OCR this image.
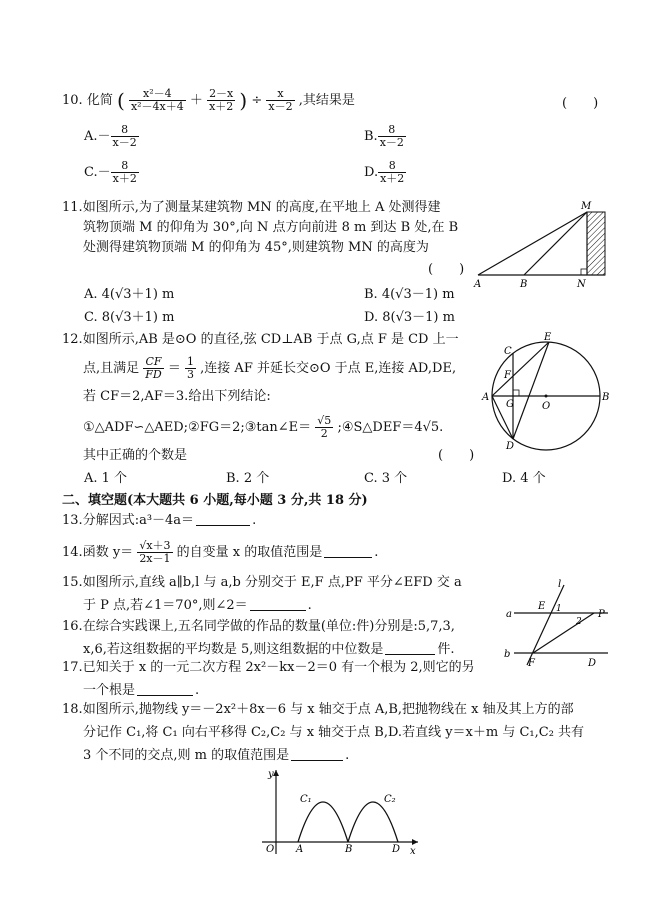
10. 化简 ( $\frac{\text{x²－4}}{\text{x²－4x＋4}} + \frac{2-x}{x+2}$ ) ÷ $\frac{x}{x-2}$ ,其结果是	(　　)
$A.- \frac{8}{x-2}$	B. $\frac{8}{x-2}$
$C.- \frac{8}{x+2}$	D. $\frac{8}{x+2}$
11.如图所示,为了测量某建筑物 MN 的高度,在平地上 A 处测得建
筑物顶端 M 的仰角为 30°,向 N 点方向前进 8 m 到达 B 处,在 B
处测得建筑物顶端 M 的仰角为 45°,则建筑物 MN 的高度为
(　　)
M
A	B	N
A. 4(√3＋1) m	B. 4(√3－1) m
C. 8(√3＋1) m	D. 8(√3－1) m
12.如图所示,AB 是⊙O 的直径,弦 CD⊥AB 于点 G,点 F 是 CD 上一
点,且满足 $\frac{CF}{FD} = \frac{1}{3}$ ,连接 AF 并延长交⊙O 于点 E,连接 AD,DE,
若 CF＝2,AF＝3.给出下列结论:
①△ADF∽△AED;②FG＝2;③tan∠E＝ $\frac{√5}{2}$ ;④S△DEF＝4√5.
其中正确的个数是	(　　)
C
E
F
A
G	O
B
D
A. 1 个	B. 2 个	C. 3 个	D. 4 个
二、填空题(本大题共 6 小题,每小题 3 分,共 18 分)
13.分解因式:a³－4a＝	.
14.函数 $y= \frac{√x+3}{2x-1}$ 的自变量 x 的取值范围是	.
15.如图所示,直线 a∥b,l 与 a,b 分别交于 E,F 点,PF 平分∠EFD 交 a
于 P 点,若∠1＝70°,则∠2＝	.
l
a
E 1	P
2
b
F	D
16.在综合实践课上,五名同学做的作品的数量(单位:件)分别是:5,7,3,
x,6,若这组数据的平均数是 5,则这组数据的中位数是	件.
17.已知关于 x 的一元二次方程 2x²－kx－2＝0 有一个根为 2,则它的另
一个根是	.
18.如图所示,抛物线 y＝－2x²＋8x－6 与 x 轴交于点 A,B,把抛物线在 x 轴及其上方的部
分记作 C₁,将 C₁ 向右平移得 C₂,C₂ 与 x 轴交于点 B,D.若直线 y＝x＋m 与 C₁,C₂ 共有
3 个不同的交点,则 m 的取值范围是	.
y
x
O A	B	D
C₁	C₂
